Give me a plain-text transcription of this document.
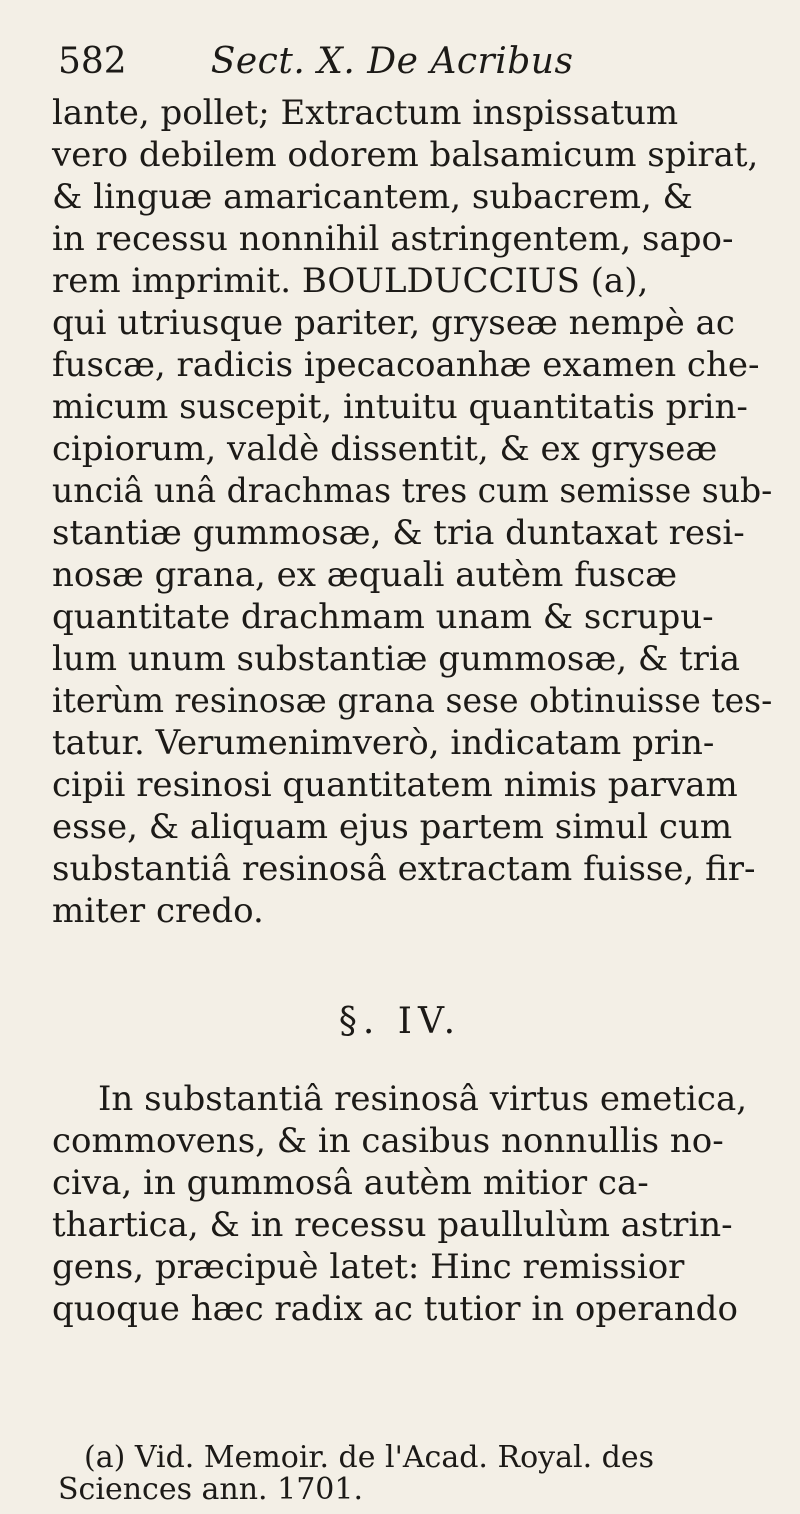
582 Sect. X. De Acribus
lante, pollet; Extractum inspissatum
vero debilem odorem balsamicum spirat,
& linguæ amaricantem, subacrem, &
in recessu nonnihil astringentem, sapo-
rem imprimit. BOULDUCCIUS (a),
qui utriusque pariter, gryseæ nempè ac
fuscæ, radicis ipecacoanhæ examen che-
micum suscepit, intuitu quantitatis prin-
cipiorum, valdè dissentit, & ex gryseæ
unciâ unâ drachmas tres cum semisse sub-
stantiæ gummosæ, & tria duntaxat resi-
nosæ grana, ex æquali autèm fuscæ
quantitate drachmam unam & scrupu-
lum unum substantiæ gummosæ, & tria
iterùm resinosæ grana sese obtinuisse tes-
tatur. Verumenimverò, indicatam prin-
cipii resinosi quantitatem nimis parvam
esse, & aliquam ejus partem simul cum
substantiâ resinosâ extractam fuisse, fir-
miter credo.
§. IV.
In substantiâ resinosâ virtus emetica,
commovens, & in casibus nonnullis no-
civa, in gummosâ autèm mitior ca-
thartica, & in recessu paullulùm astrin-
gens, præcipuè latet: Hinc remissior
quoque hæc radix ac tutior in operando
(a) Vid. Memoir. de l'Acad. Royal. des
Sciences ann. 1701.
